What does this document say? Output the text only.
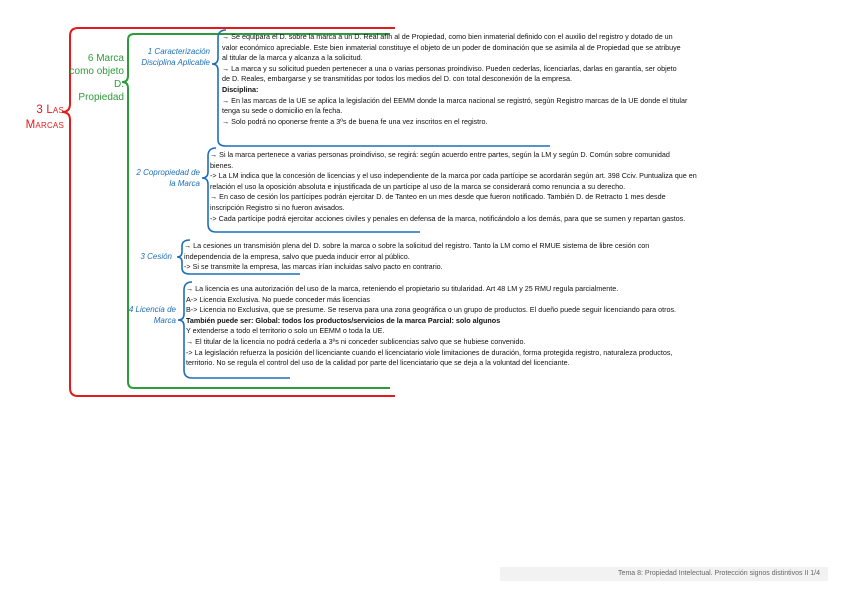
3 Las Marcas
6 Marca como objeto D. Propiedad
1 Caracterización Disciplina Aplicable
2 Copropiedad de la Marca
3 Cesión
4 Licencia de Marca
→ Se equipara el D. sobre la marca a un D. Real afín al de Propiedad, como bien inmaterial definido con el auxilio del registro y dotado de un
valor económico apreciable. Este bien inmaterial constituye el objeto de un poder de dominación que se asimila al de Propiedad que se atribuye
al titular de la marca y alcanza a la solicitud.
→ La marca y su solicitud pueden pertenecer a una o varias personas proindiviso. Pueden cederlas, licenciarlas, darlas en garantía, ser objeto
de D. Reales, embargarse y se transmitidas por todos los medios del D. con total desconexión de la empresa.
Disciplina:
→ En las marcas de la UE se aplica la legislación del EEMM donde la marca nacional se registró, según Registro marcas de la UE donde el titular
tenga su sede o domicilio en la fecha.
→ Solo podrá no oponerse frente a 3ºs de buena fe una vez inscritos en el registro.
→ Si la marca pertenece a varias personas proindiviso, se regirá: según acuerdo entre partes, según la LM y según D. Común sobre comunidad
bienes.
-> La LM indica que la concesión de licencias y el uso independiente de la marca por cada partícipe se acordarán según art. 398 Cciv. Puntualiza que en
relación el uso la oposición absoluta e injustificada de un partícipe al uso de la marca se considerará como renuncia a su derecho.
→ En caso de cesión los partícipes podrán ejercitar D. de Tanteo en un mes desde que fueron notificado. También D. de Retracto 1 mes desde
inscripción Registro si no fueron avisados.
-> Cada partícipe podrá ejercitar acciones civiles y penales en defensa de la marca, notificándolo a los demás, para que se sumen y repartan gastos.
→ La cesiones un transmisión plena del D. sobre la marca o sobre la solicitud del registro. Tanto la LM como el RMUE sistema de libre cesión con
independencia de la empresa, salvo que pueda inducir error al público.
-> Si se transmite la empresa, las marcas irían incluidas salvo pacto en contrario.
→ La licencia es una autorización del uso de la marca, reteniendo el propietario su titularidad. Art 48 LM y 25 RMU regula parcialmente.
A-> Licencia Exclusiva. No puede conceder más licencias
B-> Licencia no Exclusiva, que se presume. Se reserva para una zona geográfica o un grupo de productos. El dueño puede seguir licenciando para otros.
También puede ser: Global: todos los productos/servicios de la marca Parcial: solo algunos
Y extenderse a todo el territorio o solo un EEMM o toda la UE.
→ El titular de la licencia no podrá cederla a 3ºs ni conceder sublicencias salvo que se hubiese convenido.
-> La legislación refuerza la posición del licenciante cuando el licenciatario viole limitaciones de duración, forma protegida registro, naturaleza productos,
territorio. No se regula el control del uso de la calidad por parte del licenciatario que se deja a la voluntad del licenciante.
Tema 8: Propiedad Intelectual. Protección signos distintivos II 1/4
